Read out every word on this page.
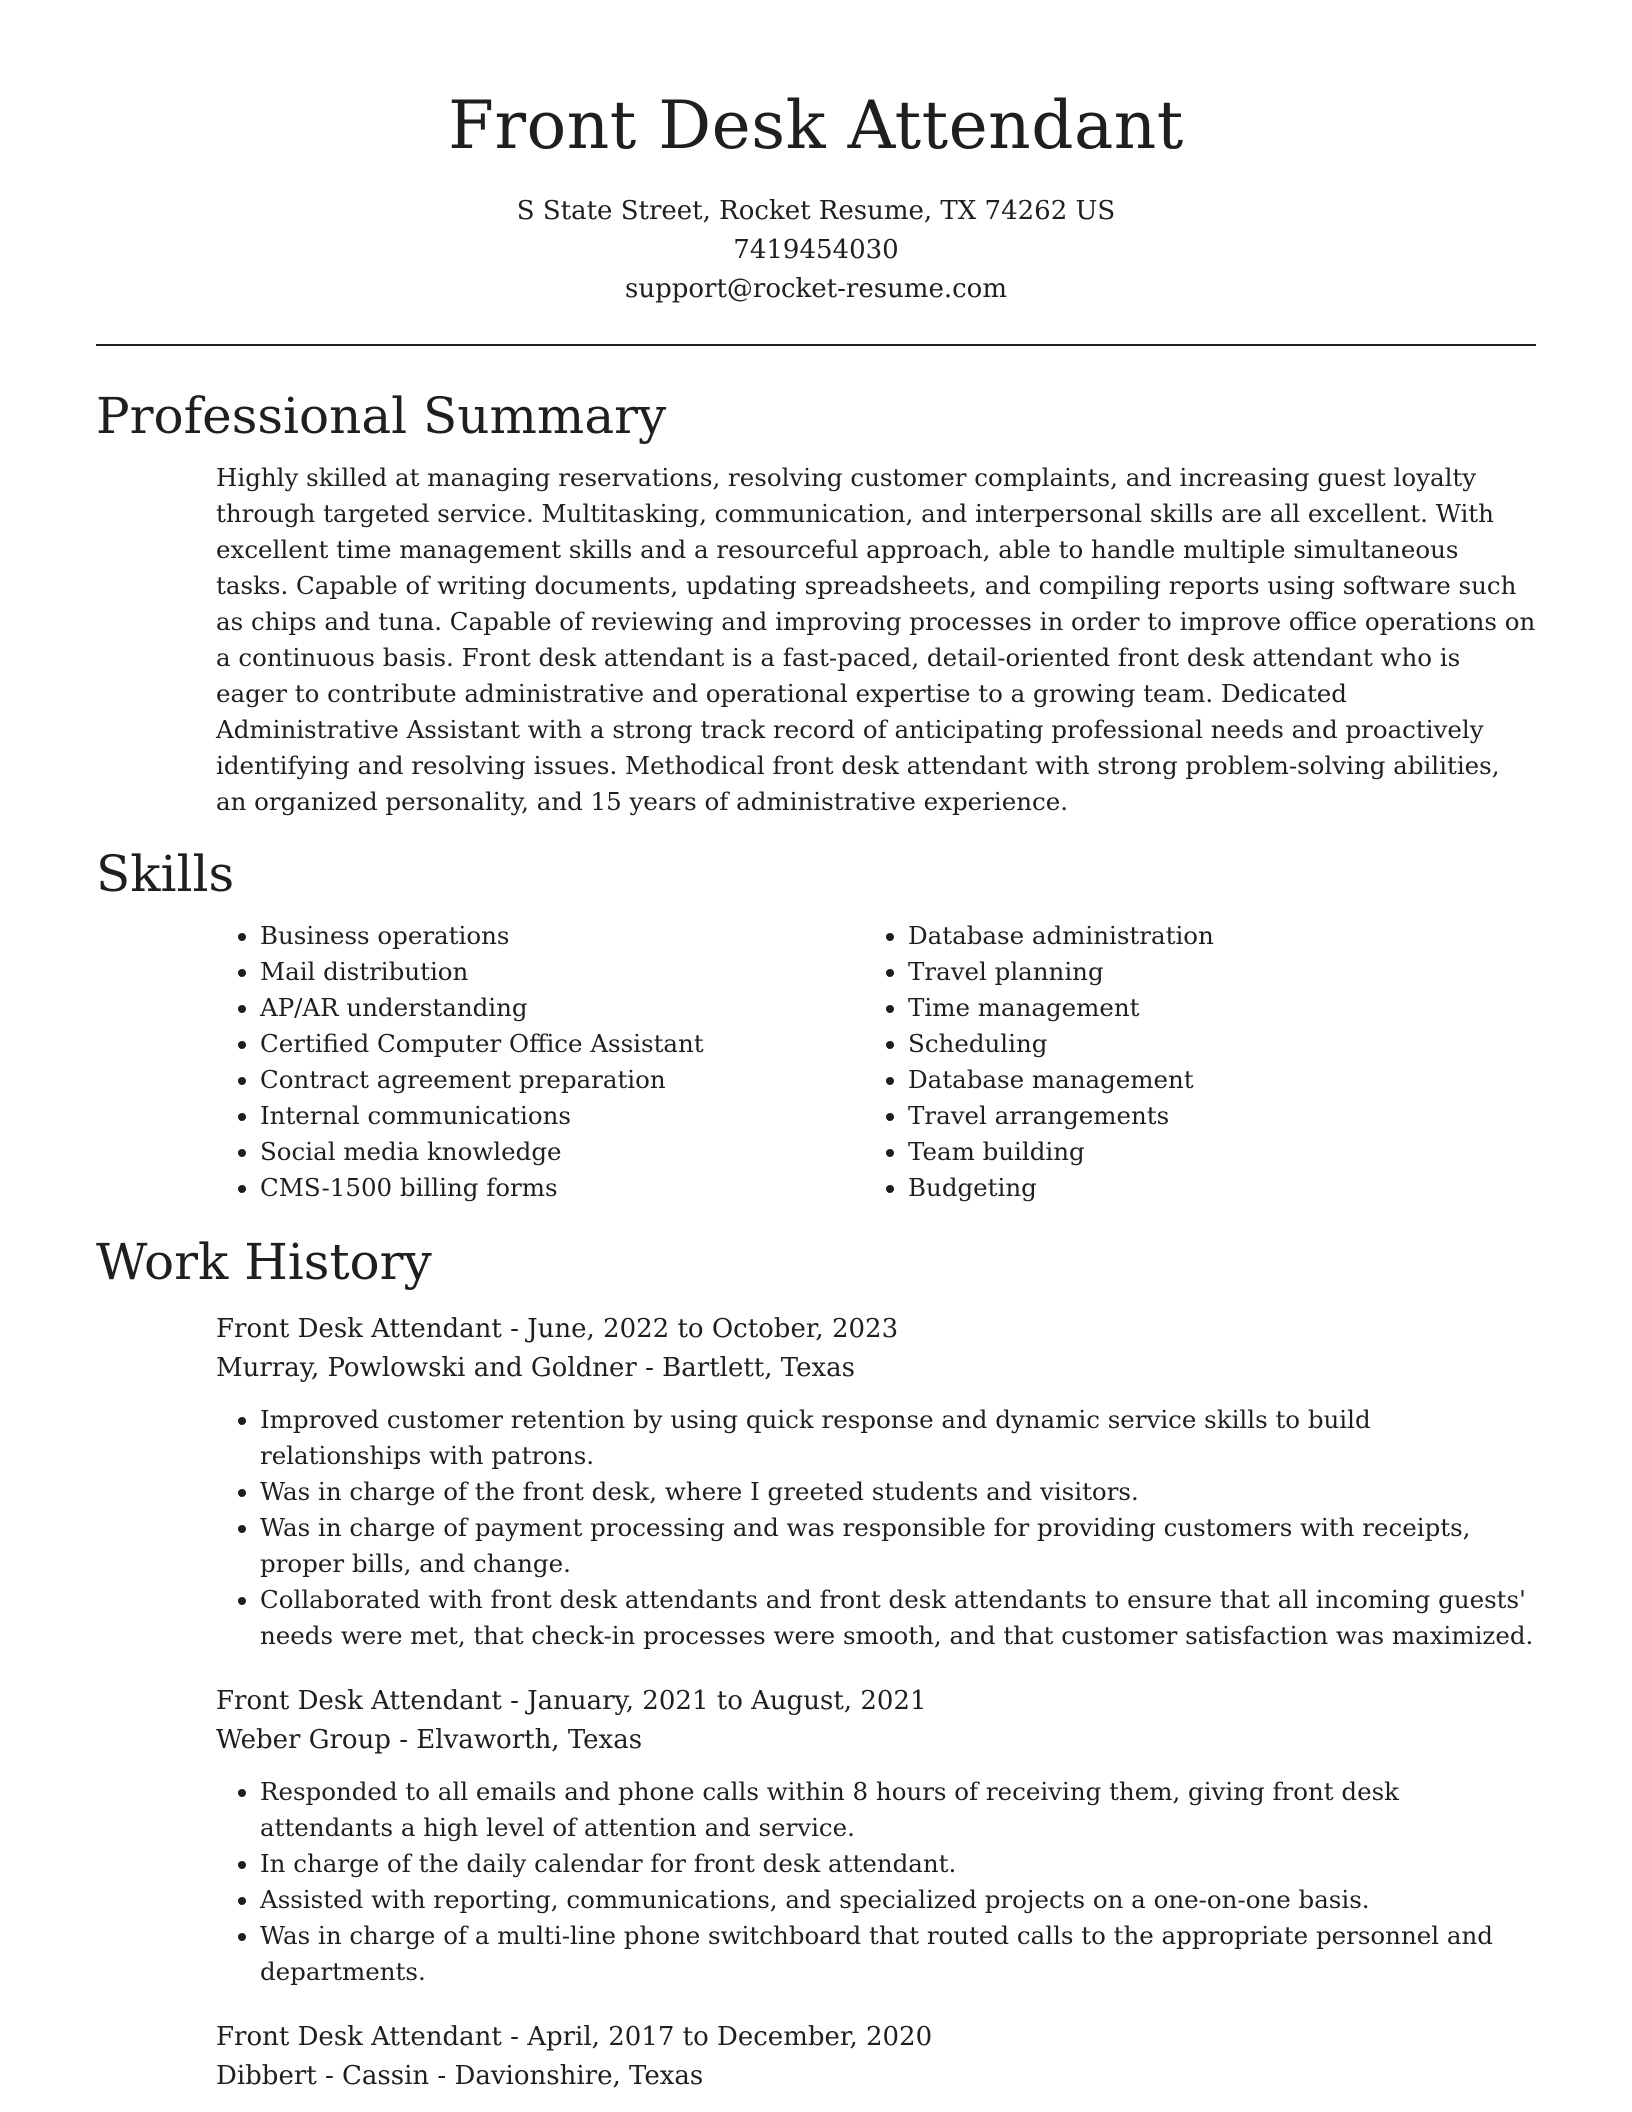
Front Desk Attendant
S State Street, Rocket Resume, TX 74262 US
7419454030
support@rocket-resume.com
Professional Summary

Highly skilled at managing reservations, resolving customer complaints, and increasing guest loyalty through targeted service. Multitasking, communication, and interpersonal skills are all excellent. With excellent time management skills and a resourceful approach, able to handle multiple simultaneous tasks. Capable of writing documents, updating spreadsheets, and compiling reports using software such as chips and tuna. Capable of reviewing and improving processes in order to improve office operations on a continuous basis. Front desk attendant is a fast-paced, detail-oriented front desk attendant who is eager to contribute administrative and operational expertise to a growing team. Dedicated Administrative Assistant with a strong track record of anticipating professional needs and proactively identifying and resolving issues. Methodical front desk attendant with strong problem-solving abilities, an organized personality, and 15 years of administrative experience.

Skills
• Business operations
• Mail distribution
• AP/AR understanding
• Certified Computer Office Assistant
• Contract agreement preparation
• Internal communications
• Social media knowledge
• CMS-1500 billing forms
• Database administration
• Travel planning
• Time management
• Scheduling
• Database management
• Travel arrangements
• Team building
• Budgeting
Work History
Front Desk Attendant - June, 2022 to October, 2023
Murray, Powlowski and Goldner - Bartlett, Texas
• Improved customer retention by using quick response and dynamic service skills to build relationships with patrons.
• Was in charge of the front desk, where I greeted students and visitors.
• Was in charge of payment processing and was responsible for providing customers with receipts, proper bills, and change.
• Collaborated with front desk attendants and front desk attendants to ensure that all incoming guests' needs were met, that check-in processes were smooth, and that customer satisfaction was maximized.
Front Desk Attendant - January, 2021 to August, 2021
Weber Group - Elvaworth, Texas
• Responded to all emails and phone calls within 8 hours of receiving them, giving front desk attendants a high level of attention and service.
• In charge of the daily calendar for front desk attendant.
• Assisted with reporting, communications, and specialized projects on a one-on-one basis.
• Was in charge of a multi-line phone switchboard that routed calls to the appropriate personnel and departments.
Front Desk Attendant - April, 2017 to December, 2020
Dibbert - Cassin - Davionshire, Texas
